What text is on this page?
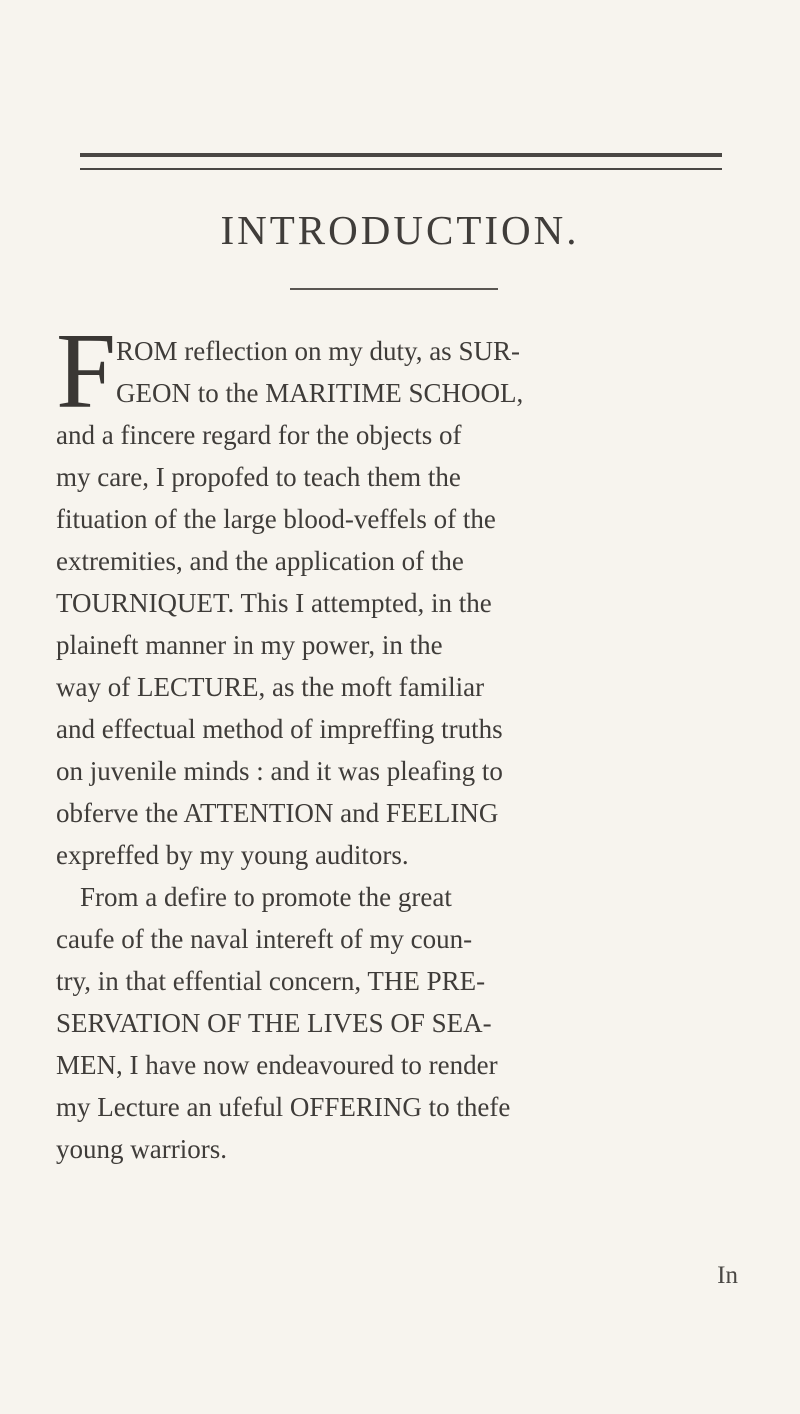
INTRODUCTION.
F ROM reflection on my duty, as SUR-
GEON to the MARITIME SCHOOL,
and a fincere regard for the objects of
my care, I propofed to teach them the
fituation of the large blood-veffels of the
extremities, and the application of the
TOURNIQUET. This I attempted, in the
plaineft manner in my power, in the
way of LECTURE, as the moft familiar
and effectual method of impreffing truths
on juvenile minds : and it was pleafing to
obferve the ATTENTION and FEELING
expreffed by my young auditors.
From a defire to promote the great
caufe of the naval intereft of my coun-
try, in that effential concern, THE PRE-
SERVATION OF THE LIVES OF SEA-
MEN, I have now endeavoured to render
my Lecture an ufeful OFFERING to thefe
young warriors.
In
